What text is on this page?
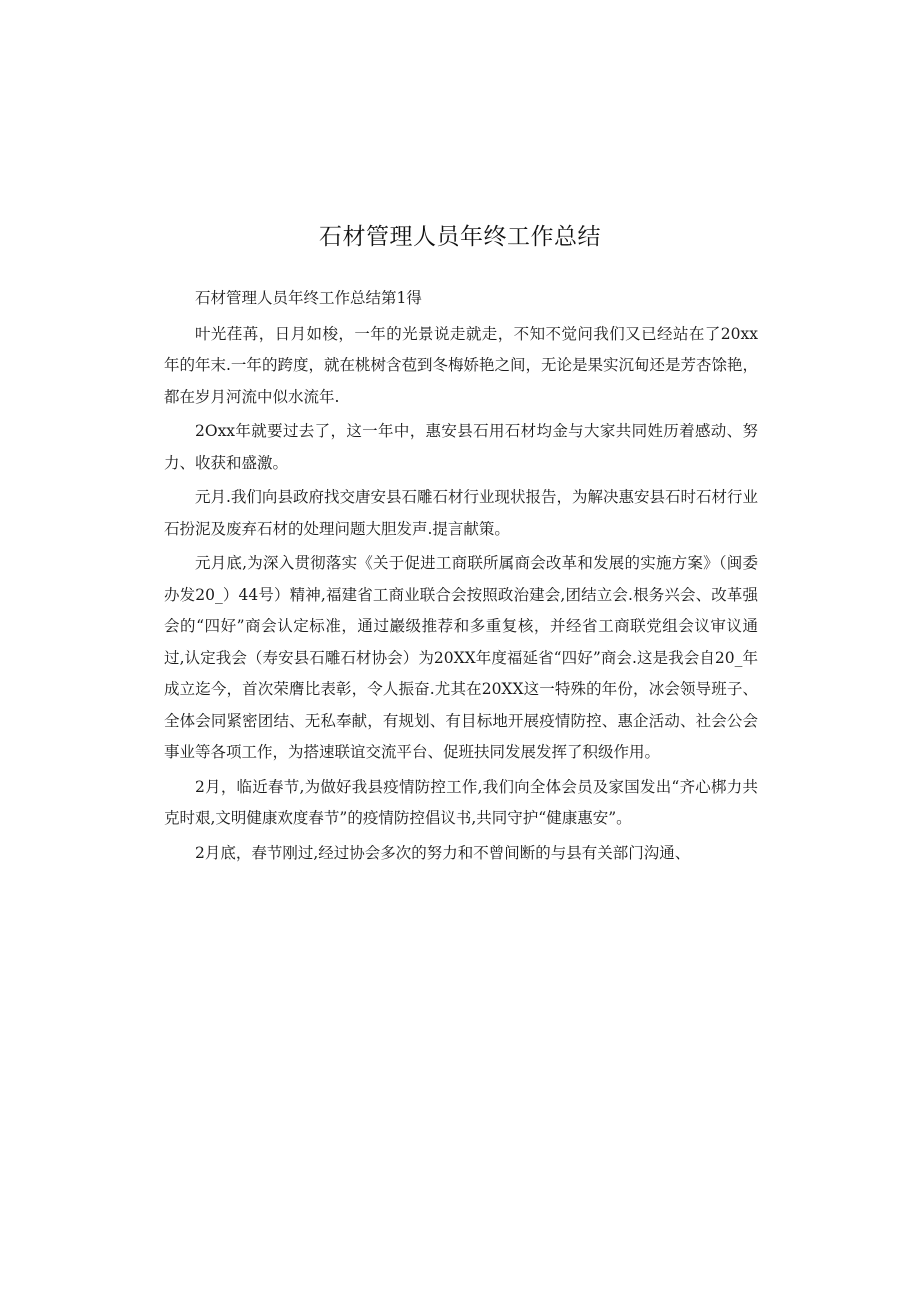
石材管理人员年终工作总结

石材管理人员年终工作总结第1得

叶光荏苒，日月如梭，一年的光景说走就走，不知不觉问我们又已经站在了20xx年的年末.一年的跨度，就在桃树含苞到冬梅娇艳之间，无论是果实沉甸还是芳杏馀艳，都在岁月河流中似水流年.

2Oxx年就要过去了，这一年中，惠安县石用石材均金与大家共同姓历着感动、努力、收获和盛激。

元月.我们向县政府找交唐安县石雕石材行业现状报告，为解决惠安县石时石材行业石扮泥及废弃石材的处理问题大胆发声.提言献策。

元月底,为深入贯彻落实《关于促进工商联所属商会改革和发展的实施方案》（闽委办发20_）44号）精神,福建省工商业联合会按照政治建会,团结立会.根务兴会、改革强会的“四好”商会认定标准，通过巖级推荐和多重复核，并经省工商联党组会议审议通过,认定我会（寿安县石雕石材协会）为20XX年度福延省“四好”商会.这是我会自20_年成立迄今，首次荣膺比表彰，令人振奋.尤其在20XX这一特殊的年份，冰会领导班子、全体会同紧密团结、无私奉献，有规划、有目标地开展疫情防控、惠企活动、社会公会事业等各项工作，为搭速联谊交流平台、促班扶同发展发挥了积级作用。

2月，临近春节,为做好我县疫情防控工作,我们向全体会员及家国发出“齐心梆力共克时艰,文明健康欢度春节”的疫情防控倡议书,共同守护“健康惠安”。

2月底，春节刚过,经过协会多次的努力和不曾间断的与县有关部门沟通、
